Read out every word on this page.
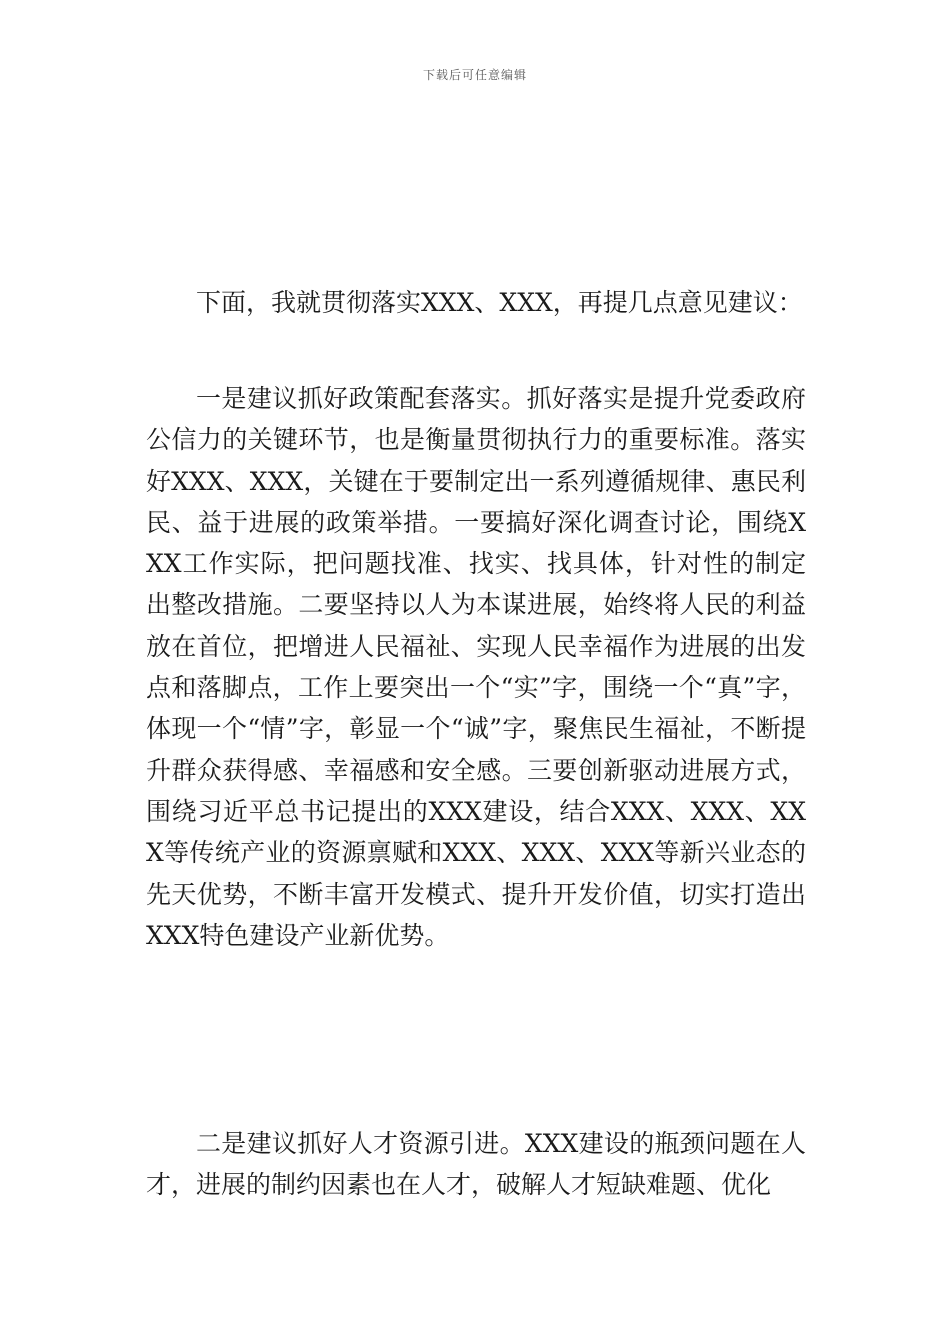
下载后可任意编辑

下面，我就贯彻落实XXX、XXX，再提几点意见建议：

一是建议抓好政策配套落实。抓好落实是提升党委政府公信力的关键环节，也是衡量贯彻执行力的重要标准。落实好XXX、XXX，关键在于要制定出一系列遵循规律、惠民利民、益于进展的政策举措。一要搞好深化调查讨论，围绕XXX工作实际，把问题找准、找实、找具体，针对性的制定出整改措施。二要坚持以人为本谋进展，始终将人民的利益放在首位，把增进人民福祉、实现人民幸福作为进展的出发点和落脚点，工作上要突出一个“实”字，围绕一个“真”字，体现一个“情”字，彰显一个“诚”字，聚焦民生福祉，不断提升群众获得感、幸福感和安全感。三要创新驱动进展方式，围绕习近平总书记提出的XXX建设，结合XXX、XXX、XXX等传统产业的资源禀赋和XXX、XXX、XXX等新兴业态的先天优势，不断丰富开发模式、提升开发价值，切实打造出XXX特色建设产业新优势。

二是建议抓好人才资源引进。XXX建设的瓶颈问题在人才，进展的制约因素也在人才，破解人才短缺难题、优化
